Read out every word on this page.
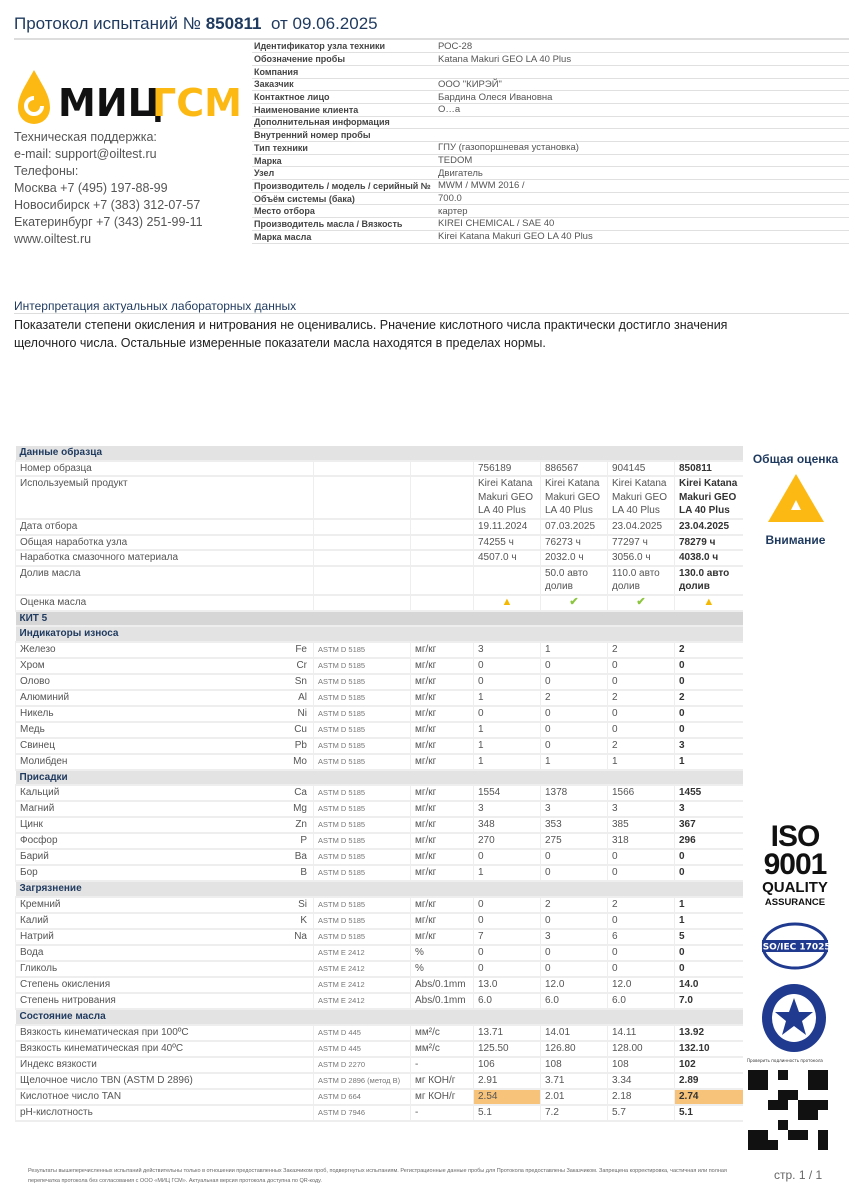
Протокол испытаний № 850811 от 09.06.2025
МИЦ
ГСМ
Техническая поддержка:
e-mail: support@oiltest.ru
Телефоны:
Москва +7 (495) 197-88-99
Новосибирск +7 (383) 312-07-57
Екатеринбург +7 (343) 251-99-11
www.oiltest.ru
Идентификатор узла техники	РОС-28
Обозначение пробы	Katana Makuri GEO LA 40 Plus
Компания	
Заказчик	ООО "КИРЭЙ"
Контактное лицо	Бардина Олеся Ивановна
Наименование клиента	О…а
Дополнительная информация	
Внутренний номер пробы	
Тип техники	ГПУ (газопоршневая установка)
Марка	TEDOM
Узел	Двигатель
Производитель / модель / серийный №	MWM / MWM 2016 /
Объём системы (бака)	700.0
Место отбора	картер
Производитель масла / Вязкость	KIREI CHEMICAL / SAE 40
Марка масла	Kirei Katana Makuri GEO LA 40 Plus
Интерпретация актуальных лабораторных данных
Показатели степени окисления и нитрования не оценивались. Рначение кислотного числа практически достигло значения щелочного числа. Остальные измеренные показатели масла находятся в пределах нормы.
Данные образца						
Номер образца			756189	886567	904145	850811
Используемый продукт			Kirei Katana Makuri GEO LA 40 Plus	Kirei Katana Makuri GEO LA 40 Plus	Kirei Katana Makuri GEO LA 40 Plus	Kirei Katana Makuri GEO LA 40 Plus
Дата отбора			19.11.2024	07.03.2025	23.04.2025	23.04.2025
Общая наработка узла			74255 ч	76273 ч	77297 ч	78279 ч
Наработка смазочного материала			4507.0 ч	2032.0 ч	3056.0 ч	4038.0 ч
Долив масла				50.0 авто долив	110.0 авто долив	130.0 авто долив
Оценка масла			▲	✔	✔	▲
КИТ 5						
Индикаторы износа						
Железо Fe	ASTM D 5185	мг/кг	3	1	2	2
Хром Cr	ASTM D 5185	мг/кг	0	0	0	0
Олово Sn	ASTM D 5185	мг/кг	0	0	0	0
Алюминий Al	ASTM D 5185	мг/кг	1	2	2	2
Никель Ni	ASTM D 5185	мг/кг	0	0	0	0
Медь Cu	ASTM D 5185	мг/кг	1	0	0	0
Свинец Pb	ASTM D 5185	мг/кг	1	0	2	3
Молибден Mo	ASTM D 5185	мг/кг	1	1	1	1
Присадки						
Кальций Ca	ASTM D 5185	мг/кг	1554	1378	1566	1455
Магний Mg	ASTM D 5185	мг/кг	3	3	3	3
Цинк Zn	ASTM D 5185	мг/кг	348	353	385	367
Фосфор P	ASTM D 5185	мг/кг	270	275	318	296
Барий Ba	ASTM D 5185	мг/кг	0	0	0	0
Бор B	ASTM D 5185	мг/кг	1	0	0	0
Загрязнение						
Кремний Si	ASTM D 5185	мг/кг	0	2	2	1
Калий K	ASTM D 5185	мг/кг	0	0	0	1
Натрий Na	ASTM D 5185	мг/кг	7	3	6	5
Вода	ASTM E 2412	%	0	0	0	0
Гликоль	ASTM E 2412	%	0	0	0	0
Степень окисления	ASTM E 2412	Abs/0.1mm	13.0	12.0	12.0	14.0
Степень нитрования	ASTM E 2412	Abs/0.1mm	6.0	6.0	6.0	7.0
Состояние масла						
Вязкость кинематическая при 100ºC	ASTM D 445	мм²/с	13.71	14.01	14.11	13.92
Вязкость кинематическая при 40ºC	ASTM D 445	мм²/с	125.50	126.80	128.00	132.10
Индекс вязкости	ASTM D 2270	-	106	108	108	102
Щелочное число TBN (ASTM D 2896)	ASTM D 2896 (метод B)	мг КОН/г	2.91	3.71	3.34	2.89
Кислотное число TAN	ASTM D 664	мг КОН/г	2.54	2.01	2.18	2.74
pH-кислотность	ASTM D 7946	-	5.1	7.2	5.7	5.1
Общая оценка
Внимание
ISO
9001
QUALITY
ASSURANCE
ISO/IEC 17025
Проверить подлинность протокола
Результаты вышеперечисленных испытаний действительны только в отношении предоставленных Заказчиком проб, подвергнутых испытаниям. Регистрационные данные пробы для Протокола предоставлены Заказчиком. Запрещена корректировка, частичная или полная перепечатка протокола без согласования с ООО «МИЦ ГСМ». Актуальная версия протокола доступна по QR-коду.	стр. 1 / 1
